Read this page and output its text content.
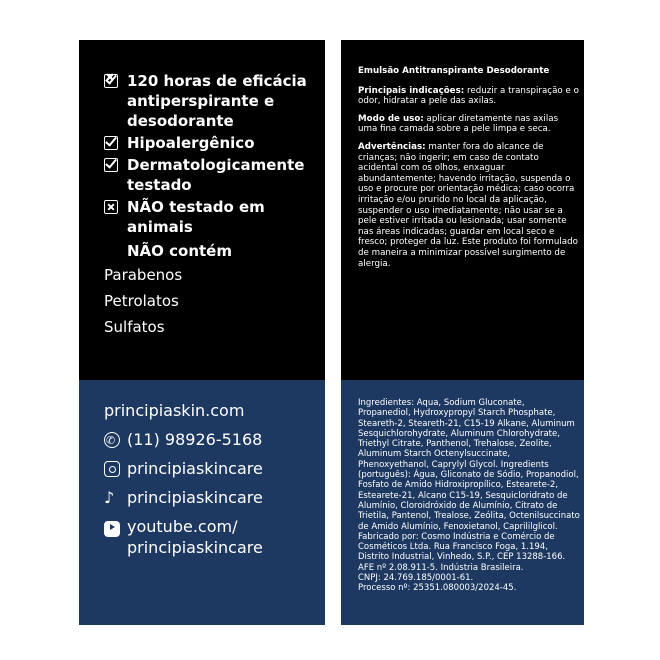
120 horas de eficácia antiperspirante e desodorante
Hipoalergênico
Dermatologicamente testado
NÃO testado em animais
NÃO contém
Parabenos
Petrolatos
Sulfatos
principiaskin.com
✆
(11) 98926-5168
principiaskincare
♪ principiaskincare
youtube.com/ principiaskincare

Emulsão Antitranspirante Desodorante

Principais indicações: reduzir a transpiração e o odor, hidratar a pele das axilas.

Modo de uso: aplicar diretamente nas axilas uma fina camada sobre a pele limpa e seca.

Advertências: manter fora do alcance de crianças; não ingerir; em caso de contato acidental com os olhos, enxaguar abundantemente; havendo irritação, suspenda o uso e procure por orientação médica; caso ocorra irritação e/ou prurido no local da aplicação, suspender o uso imediatamente; não usar se a pele estiver irritada ou lesionada; usar somente nas áreas indicadas; guardar em local seco e fresco; proteger da luz. Este produto foi formulado de maneira a minimizar possível surgimento de alergia.

Ingredientes: Aqua, Sodium Gluconate, Propanediol, Hydroxypropyl Starch Phosphate, Steareth-2, Steareth-21, C15-19 Alkane, Aluminum Sesquichlorohydrate, Aluminum Chlorohydrate, Triethyl Citrate, Panthenol, Trehalose, Zeolite, Aluminum Starch Octenylsuccinate, Phenoxyethanol, Caprylyl Glycol. Ingredients (português): Água, Gliconato de Sódio, Propanodiol, Fosfato de Amido Hidroxipropílico, Estearete-2, Estearete-21, Alcano C15-19, Sesquicloridrato de Alumínio, Cloroidróxido de Alumínio, Citrato de Trietila, Pantenol, Trealose, Zeólita, Octenilsuccinato de Amido Alumínio, Fenoxietanol, Caprililglicol.

Fabricado por: Cosmo Indústria e Comércio de Cosméticos Ltda. Rua Francisco Foga, 1.194, Distrito Industrial, Vinhedo, S.P., CEP 13288-166. AFE nº 2.08.911-5. Indústria Brasileira.

CNPJ: 24.769.185/0001-61.

Processo nº: 25351.080003/2024-45.
